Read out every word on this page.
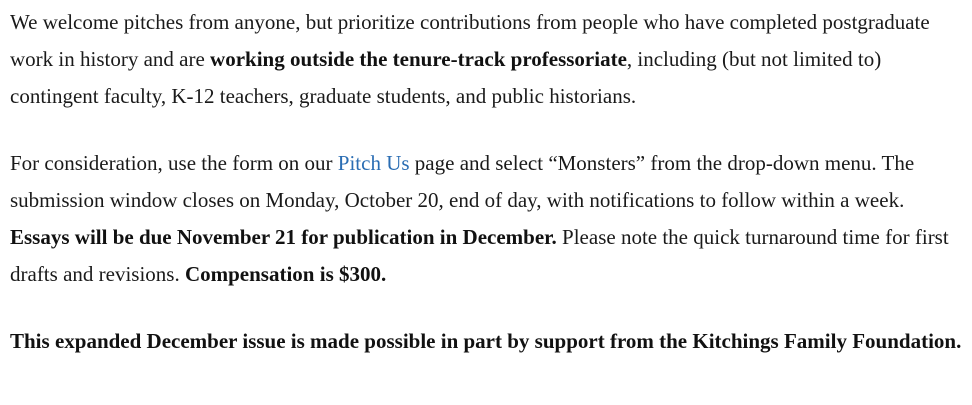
We welcome pitches from anyone, but prioritize contributions from people who have completed postgraduate work in history and are working outside the tenure-track professoriate, including (but not limited to) contingent faculty, K-12 teachers, graduate students, and public historians.

For consideration, use the form on our Pitch Us page and select “Monsters” from the drop-down menu. The submission window closes on Monday, October 20, end of day, with notifications to follow within a week. Essays will be due November 21 for publication in December. Please note the quick turnaround time for first drafts and revisions. Compensation is $300.

This expanded December issue is made possible in part by support from the Kitchings Family Foundation.
